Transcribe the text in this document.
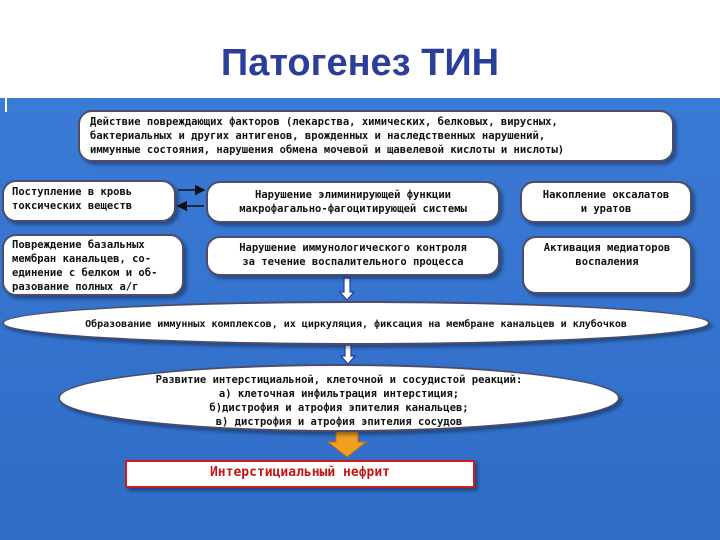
Патогенез ТИН

Действие повреждающих факторов (лекарства, химических, белковых, вирусных,

бактериальных и других антигенов, врожденных и наследственных нарушений,

иммунные состояния, нарушения обмена мочевой и щавелевой кислоты и нислоты)

Поступление в кровь

токсических веществ

Нарушение элиминирующей функции

макрофагально-фагоцитирующей системы

Накопление оксалатов

и уратов

Повреждение базальных

мембран канальцев, со-

единение с белком и об-

разование полных а/г

Нарушение иммунологического контроля

за течение воспалительного процесса

Активация медиаторов

воспаления

Образование иммунных комплексов, их циркуляция, фиксация на мембране канальцев и клубочков

Развитие интерстициальной, клеточной и сосудистой реакций:

а) клеточная инфильтрация интерстиция;

б)дистрофия и атрофия эпителия канальцев;

в) дистрофия и атрофия эпителия сосудов

Интерстициальный нефрит
